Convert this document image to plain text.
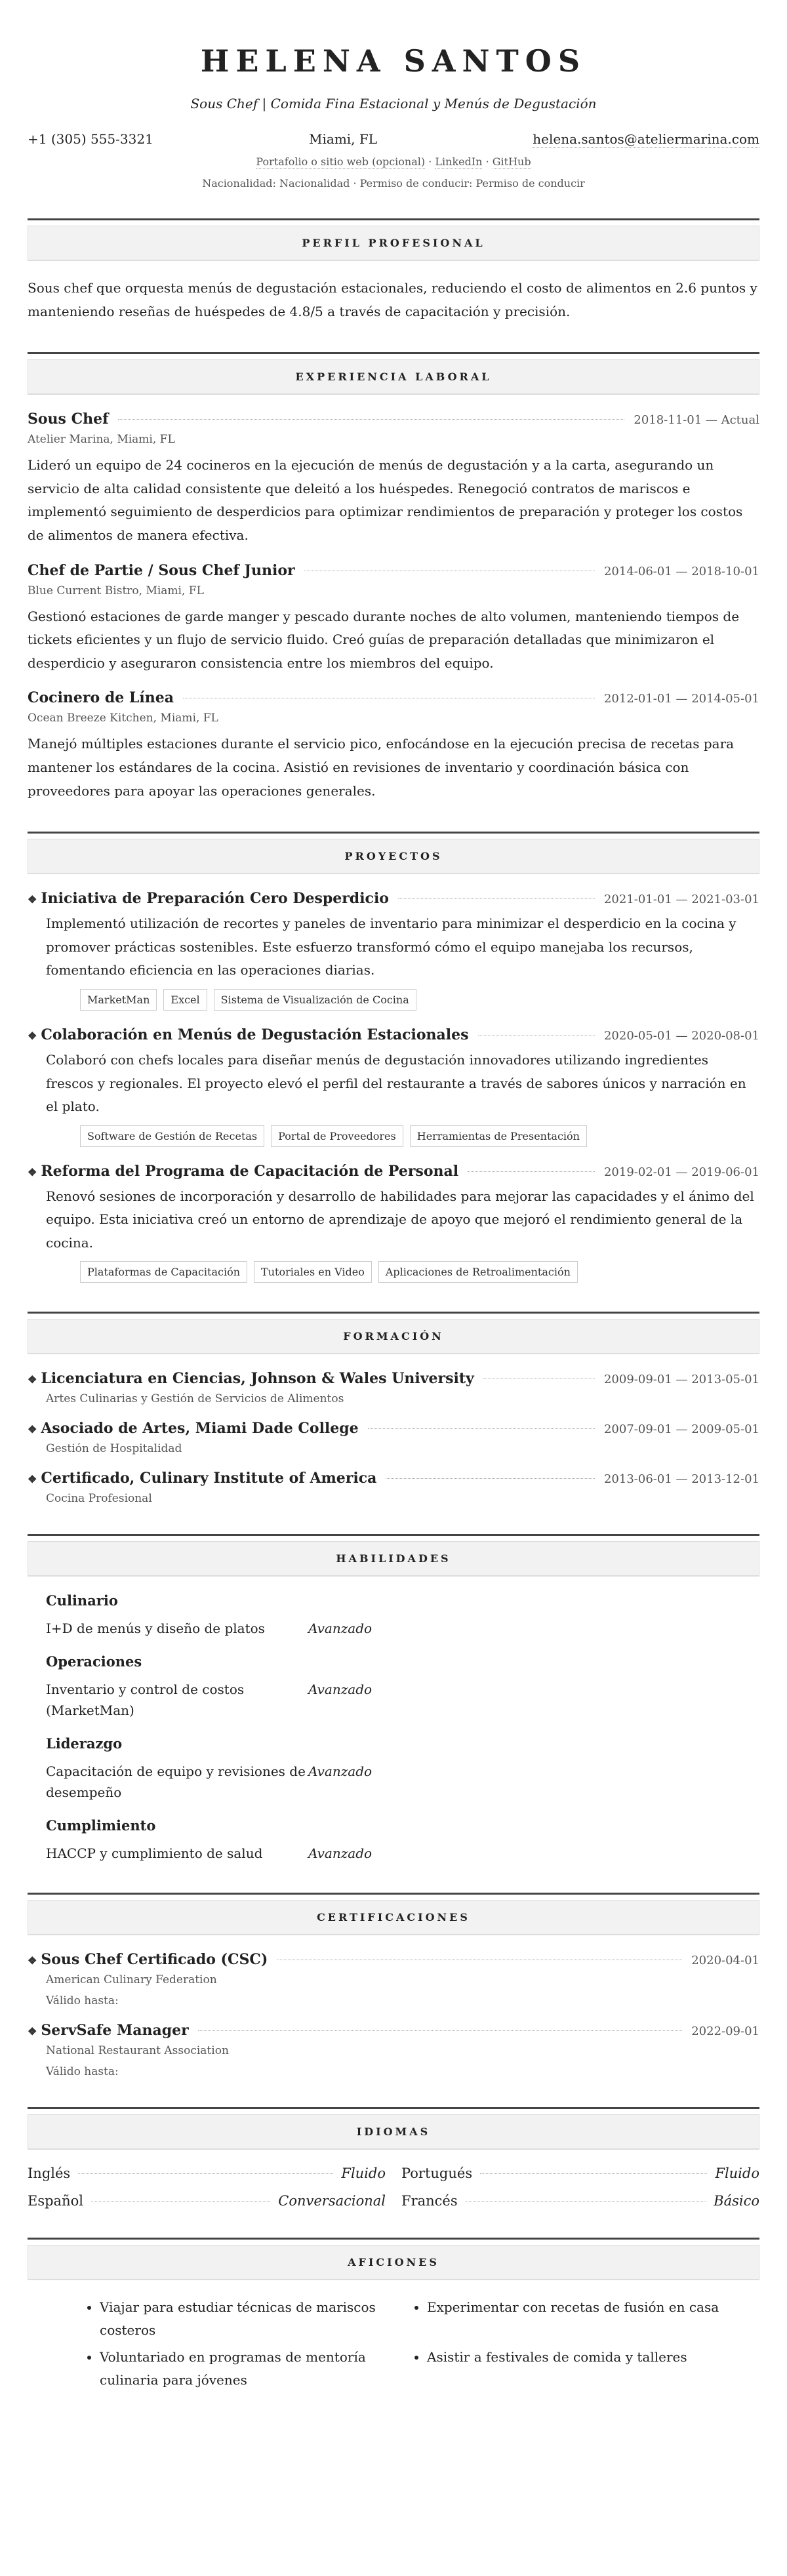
HELENA SANTOS
Sous Chef | Comida Fina Estacional y Menús de Degustación
+1 (305) 555-3321	Miami, FL	helena.santos@ateliermarina.com
Portafolio o sitio web (opcional) · LinkedIn · GitHub
Nacionalidad: Nacionalidad · Permiso de conducir: Permiso de conducir
PERFIL PROFESIONAL

Sous chef que orquesta menús de degustación estacionales, reduciendo el costo de alimentos en 2.6 puntos y manteniendo reseñas de huéspedes de 4.8/5 a través de capacitación y precisión.

EXPERIENCIA LABORAL
Sous Chef	2018-11-01 — Actual
Atelier Marina, Miami, FL

Lideró un equipo de 24 cocineros en la ejecución de menús de degustación y a la carta, asegurando un servicio de alta calidad consistente que deleitó a los huéspedes. Renegoció contratos de mariscos e implementó seguimiento de desperdicios para optimizar rendimientos de preparación y proteger los costos de alimentos de manera efectiva.

Chef de Partie / Sous Chef Junior	2014-06-01 — 2018-10-01
Blue Current Bistro, Miami, FL

Gestionó estaciones de garde manger y pescado durante noches de alto volumen, manteniendo tiempos de tickets eficientes y un flujo de servicio fluido. Creó guías de preparación detalladas que minimizaron el desperdicio y aseguraron consistencia entre los miembros del equipo.

Cocinero de Línea	2012-01-01 — 2014-05-01
Ocean Breeze Kitchen, Miami, FL

Manejó múltiples estaciones durante el servicio pico, enfocándose en la ejecución precisa de recetas para mantener los estándares de la cocina. Asistió en revisiones de inventario y coordinación básica con proveedores para apoyar las operaciones generales.

PROYECTOS
❖ Iniciativa de Preparación Cero Desperdicio	2021-01-01 — 2021-03-01

Implementó utilización de recortes y paneles de inventario para minimizar el desperdicio en la cocina y promover prácticas sostenibles. Este esfuerzo transformó cómo el equipo manejaba los recursos, fomentando eficiencia en las operaciones diarias.

MarketMan	Excel	Sistema de Visualización de Cocina
❖ Colaboración en Menús de Degustación Estacionales	2020-05-01 — 2020-08-01

Colaboró con chefs locales para diseñar menús de degustación innovadores utilizando ingredientes frescos y regionales. El proyecto elevó el perfil del restaurante a través de sabores únicos y narración en el plato.

Software de Gestión de Recetas	Portal de Proveedores	Herramientas de Presentación
❖ Reforma del Programa de Capacitación de Personal	2019-02-01 — 2019-06-01

Renovó sesiones de incorporación y desarrollo de habilidades para mejorar las capacidades y el ánimo del equipo. Esta iniciativa creó un entorno de aprendizaje de apoyo que mejoró el rendimiento general de la cocina.

Plataformas de Capacitación	Tutoriales en Video	Aplicaciones de Retroalimentación
FORMACIÓN
❖ Licenciatura en Ciencias, Johnson & Wales University	2009-09-01 — 2013-05-01
Artes Culinarias y Gestión de Servicios de Alimentos
❖ Asociado de Artes, Miami Dade College	2007-09-01 — 2009-05-01
Gestión de Hospitalidad
❖ Certificado, Culinary Institute of America	2013-06-01 — 2013-12-01
Cocina Profesional
HABILIDADES
Culinario
I+D de menús y diseño de platos	Avanzado
Operaciones
Inventario y control de costos (MarketMan)
Avanzado
Liderazgo
Capacitación de equipo y revisiones de desempeño
Avanzado
Cumplimiento
HACCP y cumplimiento de salud	Avanzado
CERTIFICACIONES
❖ Sous Chef Certificado (CSC)	2020-04-01
American Culinary Federation
Válido hasta:
❖ ServSafe Manager	2022-09-01
National Restaurant Association
Válido hasta:
IDIOMAS
Inglés	Fluido Portugués	Fluido
Español	Conversacional Francés	Básico
AFICIONES
• Viajar para estudiar técnicas de mariscos costeros
• Experimentar con recetas de fusión en casa
• Voluntariado en programas de mentoría culinaria para jóvenes
• Asistir a festivales de comida y talleres
